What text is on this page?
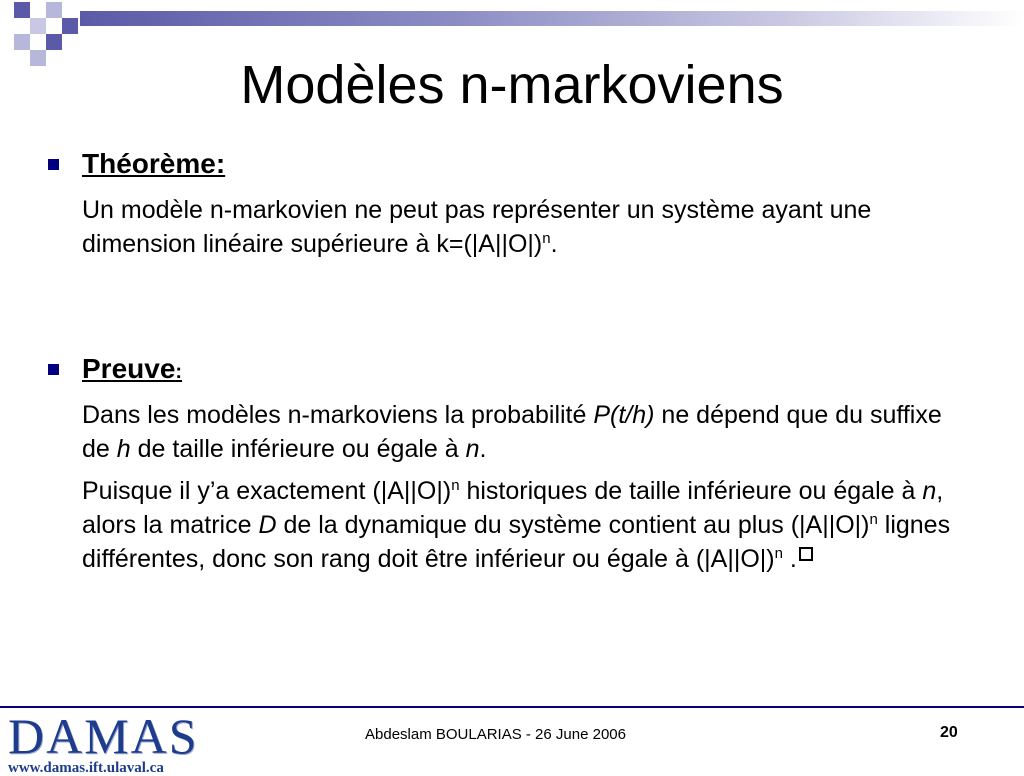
Modèles n-markoviens
Théorème:
Un modèle n-markovien ne peut pas représenter un système ayant une dimension linéaire supérieure à $k=(|A||O|)^n$.
Preuve:
Dans les modèles n-markoviens la probabilité P(t/h) ne dépend que du suffixe de h de taille inférieure ou égale à n.
Puisque il y’a exactement $(|A||O|)^n$ historiques de taille inférieure ou égale à n, alors la matrice D de la dynamique du système contient au plus $(|A||O|)^n$ lignes différentes, donc son rang doit être inférieur ou égale à $(|A||O|)^n$ .
DAMAS
www.damas.ift.ulaval.ca
Abdeslam BOULARIAS - 26 June 2006	20
